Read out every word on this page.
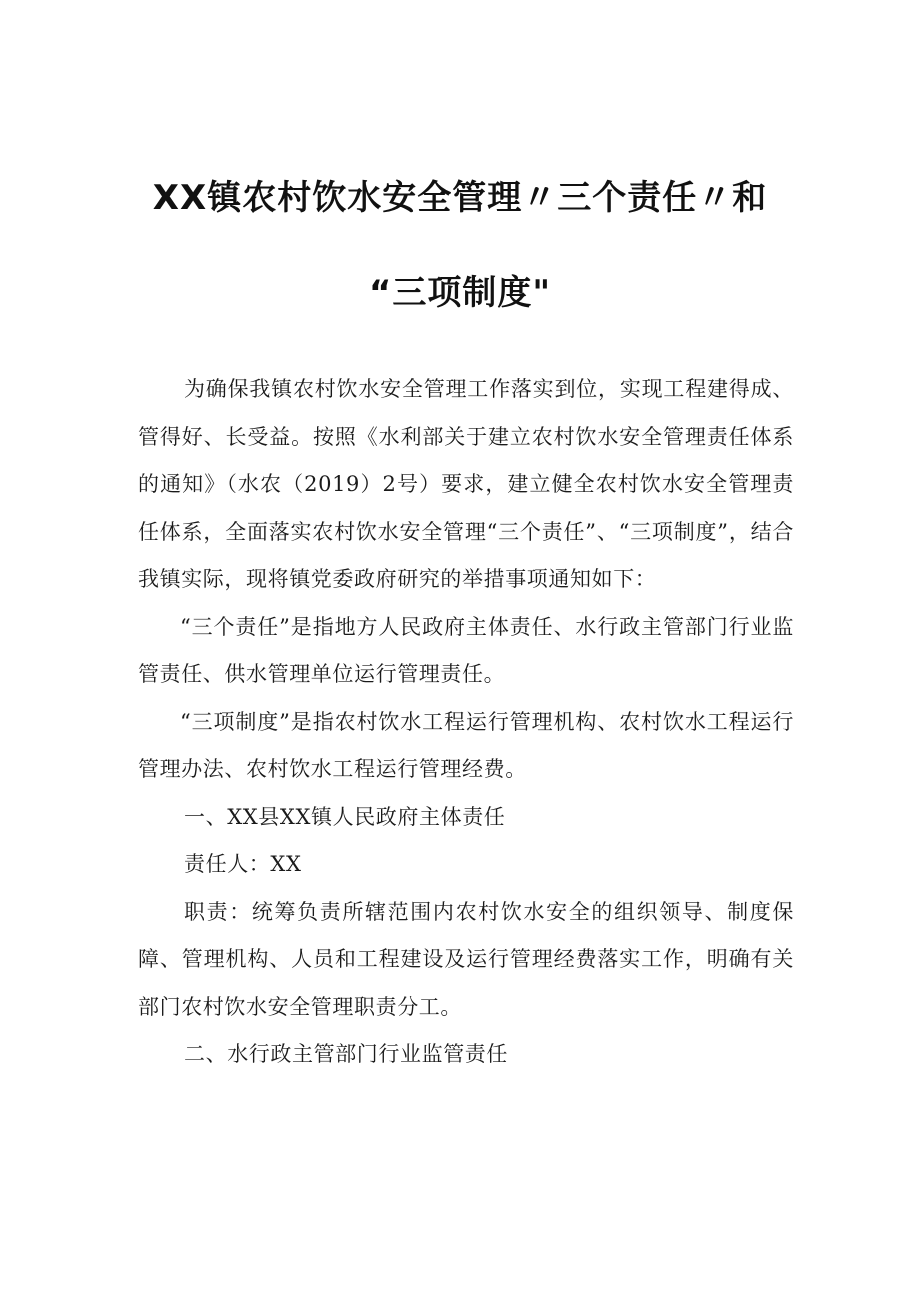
XX镇农村饮水安全管理〃三个责任〃和
“三项制度"

为确保我镇农村饮水安全管理工作落实到位，实现工程建得成、管得好、长受益。按照《水利部关于建立农村饮水安全管理责任体系的通知》（水农（2019）2号）要求，建立健全农村饮水安全管理责任体系，全面落实农村饮水安全管理“三个责任”、“三项制度”，结合我镇实际，现将镇党委政府研究的举措事项通知如下：

“三个责任”是指地方人民政府主体责任、水行政主管部门行业监管责任、供水管理单位运行管理责任。

“三项制度”是指农村饮水工程运行管理机构、农村饮水工程运行管理办法、农村饮水工程运行管理经费。

一、XX县XX镇人民政府主体责任

责任人：XX

职责：统筹负责所辖范围内农村饮水安全的组织领导、制度保障、管理机构、人员和工程建设及运行管理经费落实工作，明确有关部门农村饮水安全管理职责分工。

二、水行政主管部门行业监管责任
